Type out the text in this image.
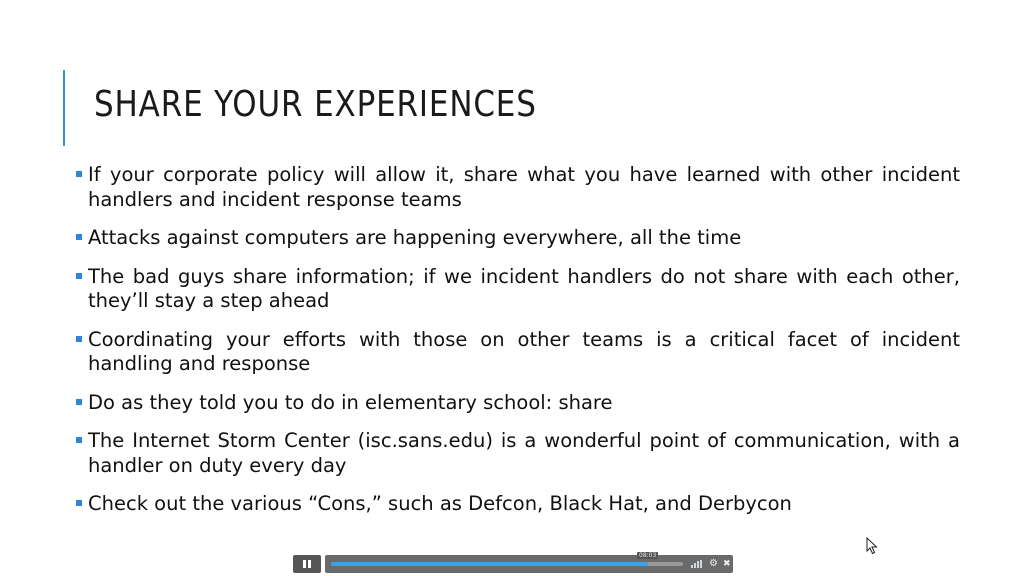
SHARE YOUR EXPERIENCES
If your corporate policy will allow it, share what you have learned with other incident handlers and incident response teams
Attacks against computers are happening everywhere, all the time
The bad guys share information; if we incident handlers do not share with each other, they’ll stay a step ahead
Coordinating your efforts with those on other teams is a critical facet of incident handling and response
Do as they told you to do in elementary school: share
The Internet Storm Center (isc.sans.edu) is a wonderful point of communication, with a handler on duty every day
Check out the various “Cons,” such as Defcon, Black Hat, and Derbycon
08:03
⚙ ✖
